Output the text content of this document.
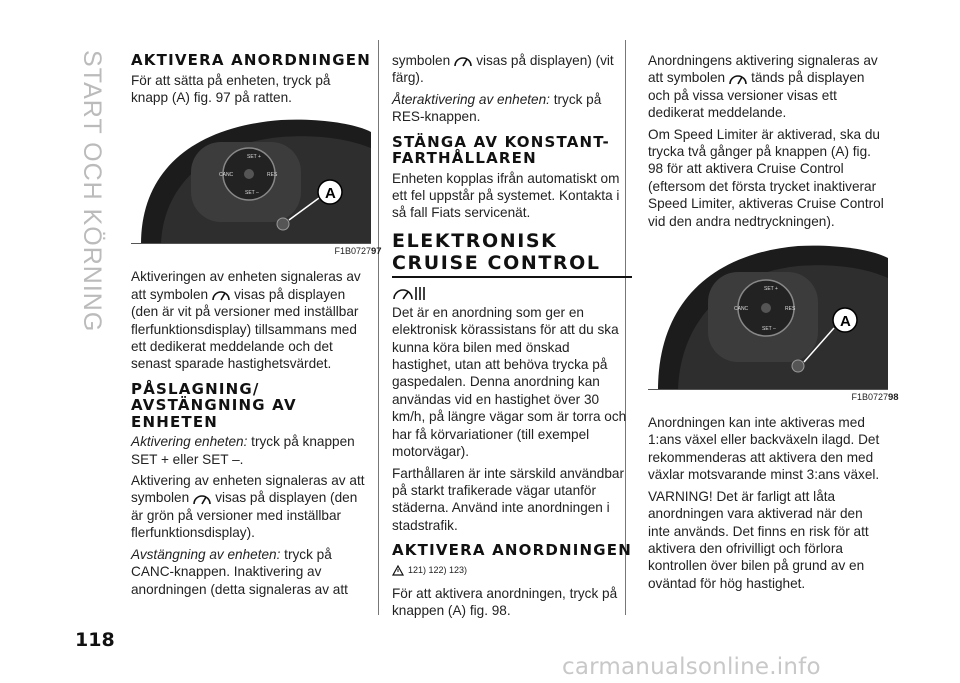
START OCH KÖRNING AKTIVERA ANORDNINGEN

För att sätta på enheten, tryck på knapp (A) fig. 97 på ratten.

SET +
CANC	RES
SET –	A
97
F1B0727

Aktiveringen av enheten signaleras av att symbolen visas på displayen (den är vit på versioner med inställbar flerfunktionsdisplay) tillsammans med ett dedikerat meddelande och det senast sparade hastighetsvärdet.

PÅSLAGNING/ AVSTÄNGNING AV ENHETEN

Aktivering enheten: tryck på knappen SET + eller SET –.

Aktivering av enheten signaleras av att symbolen visas på displayen (den är grön på versioner med inställbar flerfunktionsdisplay).

Avstängning av enheten: tryck på CANC-knappen. Inaktivering av anordningen (detta signaleras av att

symbolen visas på displayen) (vit färg).

Återaktivering av enheten: tryck på RES-knappen.

STÄNGA AV KONSTANT-FARTHÅLLAREN

Enheten kopplas ifrån automatiskt om ett fel uppstår på systemet. Kontakta i så fall Fiats servicenät.

ELEKTRONISK CRUISE CONTROL

Det är en anordning som ger en elektronisk körassistans för att du ska kunna köra bilen med önskad hastighet, utan att behöva trycka på gaspedalen. Denna anordning kan användas vid en hastighet över 30 km/h, på längre vägar som är torra och har få körvariationer (till exempel motorvägar).

Farthållaren är inte särskild användbar på starkt trafikerade vägar utanför städerna. Använd inte anordningen i stadstrafik.

AKTIVERA ANORDNINGEN
121) 122) 123)

För att aktivera anordningen, tryck på knappen (A) fig. 98.

Anordningens aktivering signaleras av att symbolen tänds på displayen och på vissa versioner visas ett dedikerat meddelande.

Om Speed Limiter är aktiverad, ska du trycka två gånger på knappen (A) fig. 98 för att aktivera Cruise Control (eftersom det första trycket inaktiverar Speed Limiter, aktiveras Cruise Control vid den andra nedtryckningen).

SET +
CANC	RES
SET –	A
98
F1B0727

Anordningen kan inte aktiveras med 1:ans växel eller backväxeln ilagd. Det rekommenderas att aktivera den med växlar motsvarande minst 3:ans växel.

VARNING! Det är farligt att låta anordningen vara aktiverad när den inte används. Det finns en risk för att aktivera den ofrivilligt och förlora kontrollen över bilen på grund av en oväntad för hög hastighet.

118
carmanualsonline.info
